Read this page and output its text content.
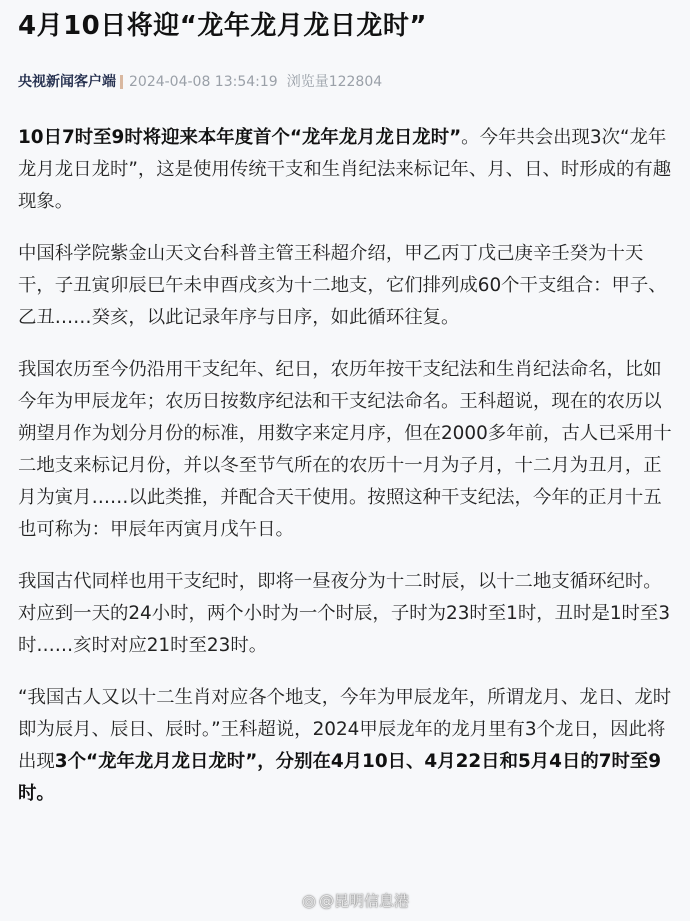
4月10日将迎“龙年龙月龙日龙时”
央视新闻客户端 2024-04-08 13:54:19 浏览量122804

10日7时至9时将迎来本年度首个“龙年龙月龙日龙时”。今年共会出现3次“龙年龙月龙日龙时”，这是使用传统干支和生肖纪法来标记年、月、日、时形成的有趣现象。

中国科学院紫金山天文台科普主管王科超介绍，甲乙丙丁戊己庚辛壬癸为十天干，子丑寅卯辰巳午未申酉戌亥为十二地支，它们排列成60个干支组合：甲子、乙丑……癸亥，以此记录年序与日序，如此循环往复。

我国农历至今仍沿用干支纪年、纪日，农历年按干支纪法和生肖纪法命名，比如今年为甲辰龙年；农历日按数序纪法和干支纪法命名。王科超说，现在的农历以朔望月作为划分月份的标准，用数字来定月序，但在2000多年前，古人已采用十二地支来标记月份，并以冬至节气所在的农历十一月为子月，十二月为丑月，正月为寅月……以此类推，并配合天干使用。按照这种干支纪法，今年的正月十五也可称为：甲辰年丙寅月戊午日。

我国古代同样也用干支纪时，即将一昼夜分为十二时辰，以十二地支循环纪时。对应到一天的24小时，两个小时为一个时辰，子时为23时至1时，丑时是1时至3时……亥时对应21时至23时。

“我国古人又以十二生肖对应各个地支，今年为甲辰龙年，所谓龙月、龙日、龙时即为辰月、辰日、辰时。”王科超说，2024甲辰龙年的龙月里有3个龙日，因此将出现3个“龙年龙月龙日龙时”，分别在4月10日、4月22日和5月4日的7时至9时。

◎ @昆明信息港
